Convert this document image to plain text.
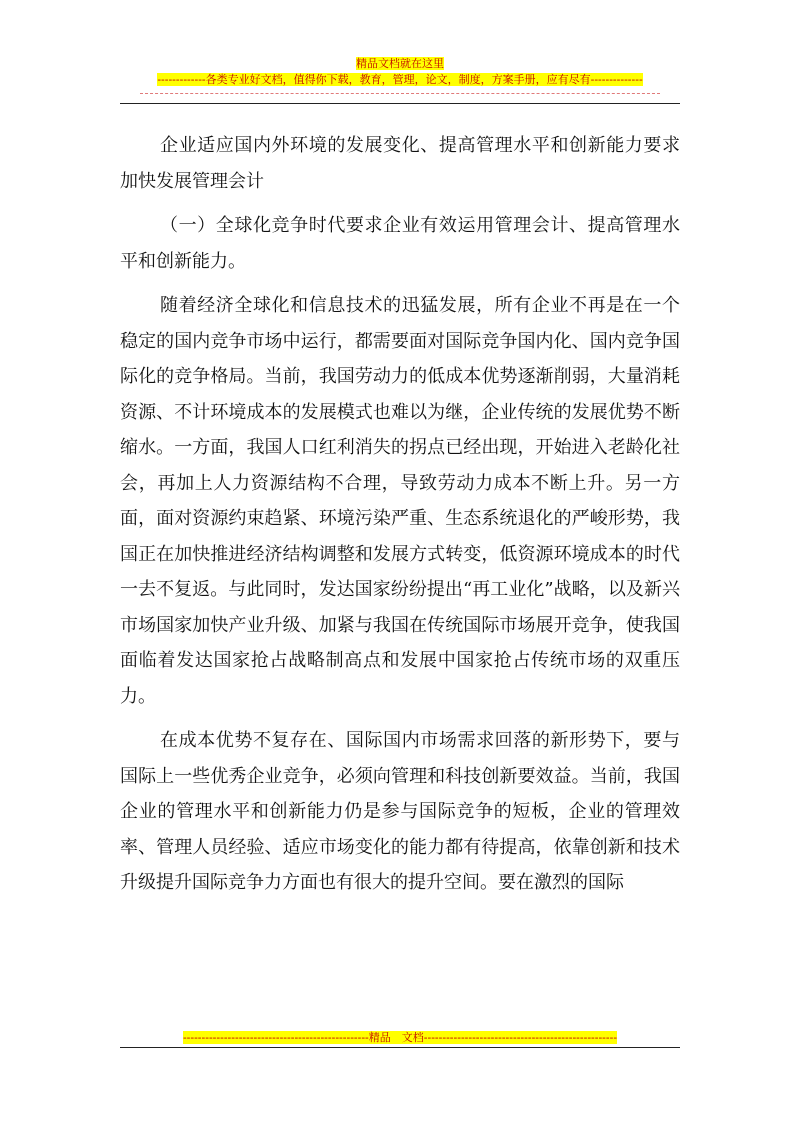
精品文档就在这里
-------------各类专业好文档，值得你下载，教育，管理，论文，制度，方案手册，应有尽有--------------

企业适应国内外环境的发展变化、提高管理水平和创新能力要求加快发展管理会计

（一）全球化竞争时代要求企业有效运用管理会计、提高管理水平和创新能力。

随着经济全球化和信息技术的迅猛发展，所有企业不再是在一个稳定的国内竞争市场中运行，都需要面对国际竞争国内化、国内竞争国际化的竞争格局。当前，我国劳动力的低成本优势逐渐削弱，大量消耗资源、不计环境成本的发展模式也难以为继，企业传统的发展优势不断缩水。一方面，我国人口红利消失的拐点已经出现，开始进入老龄化社会，再加上人力资源结构不合理，导致劳动力成本不断上升。另一方面，面对资源约束趋紧、环境污染严重、生态系统退化的严峻形势，我国正在加快推进经济结构调整和发展方式转变，低资源环境成本的时代一去不复返。与此同时，发达国家纷纷提出“再工业化”战略，以及新兴市场国家加快产业升级、加紧与我国在传统国际市场展开竞争，使我国面临着发达国家抢占战略制高点和发展中国家抢占传统市场的双重压力。

在成本优势不复存在、国际国内市场需求回落的新形势下，要与国际上一些优秀企业竞争，必须向管理和科技创新要效益。当前，我国企业的管理水平和创新能力仍是参与国际竞争的短板，企业的管理效率、管理人员经验、适应市场变化的能力都有待提高，依靠创新和技术升级提升国际竞争力方面也有很大的提升空间。要在激烈的国际

--------------------------------------------------精品　文档----------------------------------------------------
